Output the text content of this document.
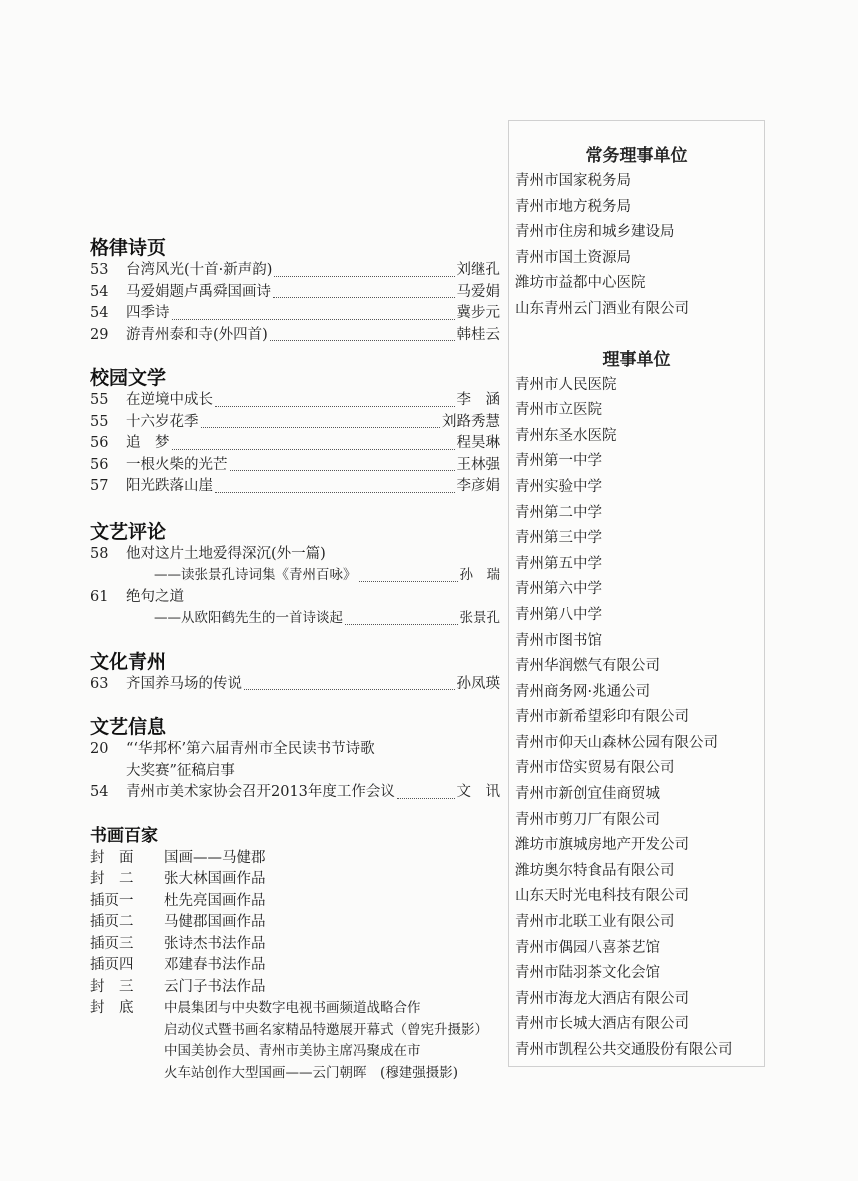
格律诗页
53	台湾风光(十首·新声韵)	刘继孔
54	马爱娟题卢禹舜国画诗	马爱娟
54	四季诗	冀步元
29	游青州泰和寺(外四首)	韩桂云
校园文学
55	在逆境中成长	李　涵
55	十六岁花季	刘路秀慧
56	追　梦	程昊琳
56	一根火柴的光芒	王林强
57	阳光跌落山崖	李彦娟
文艺评论
58	他对这片土地爱得深沉(外一篇)
——读张景孔诗词集《青州百咏》	孙　瑞
61	绝句之道
——从欧阳鹤先生的一首诗谈起	张景孔
文化青州
63	齐国养马场的传说	孙凤瑛
文艺信息
20	“‘华邦杯’第六届青州市全民读书节诗歌
大奖赛”征稿启事
54	青州市美术家协会召开2013年度工作会议	文　讯
书画百家
封　面	国画——马健郡
封　二	张大林国画作品
插页一	杜先亮国画作品
插页二	马健郡国画作品
插页三	张诗杰书法作品
插页四	邓建春书法作品
封　三	云门子书法作品
封　底	中晨集团与中央数字电视书画频道战略合作
启动仪式暨书画名家精品特邀展开幕式（曾宪升摄影）
中国美协会员、青州市美协主席冯聚成在市
火车站创作大型国画——云门朝晖　(穆建强摄影)
常务理事单位
青州市国家税务局
青州市地方税务局
青州市住房和城乡建设局
青州市国土资源局
潍坊市益都中心医院
山东青州云门酒业有限公司
理事单位
青州市人民医院
青州市立医院
青州东圣水医院
青州第一中学
青州实验中学
青州第二中学
青州第三中学
青州第五中学
青州第六中学
青州第八中学
青州市图书馆
青州华润燃气有限公司
青州商务网·兆通公司
青州市新希望彩印有限公司
青州市仰天山森林公园有限公司
青州市岱实贸易有限公司
青州市新创宜佳商贸城
青州市剪刀厂有限公司
潍坊市旗城房地产开发公司
潍坊奥尔特食品有限公司
山东天时光电科技有限公司
青州市北联工业有限公司
青州市偶园八喜茶艺馆
青州市陆羽茶文化会馆
青州市海龙大酒店有限公司
青州市长城大酒店有限公司
青州市凯程公共交通股份有限公司
